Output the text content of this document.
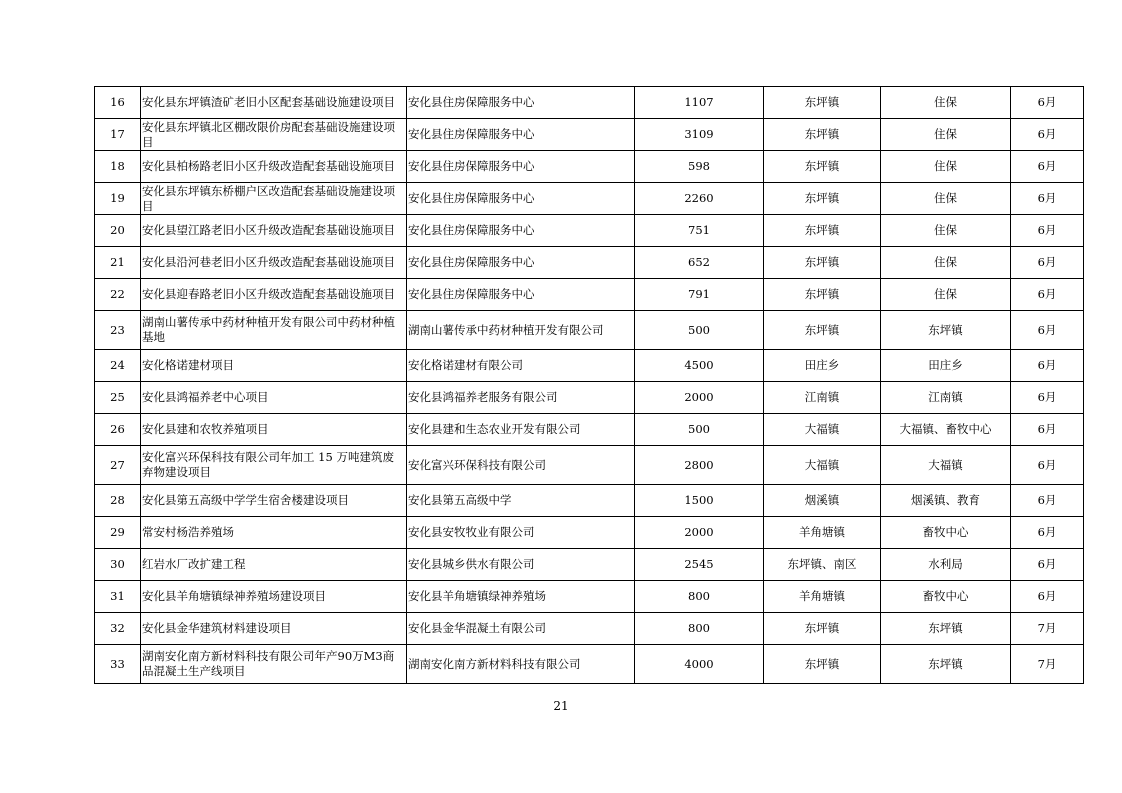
16	安化县东坪镇渣矿老旧小区配套基础设施建设项目	安化县住房保障服务中心	1107	东坪镇	住保	6月
17	安化县东坪镇北区棚改限价房配套基础设施建设项目	安化县住房保障服务中心	3109	东坪镇	住保	6月
18	安化县柏杨路老旧小区升级改造配套基础设施项目	安化县住房保障服务中心	598	东坪镇	住保	6月
19	安化县东坪镇东桥棚户区改造配套基础设施建设项目	安化县住房保障服务中心	2260	东坪镇	住保	6月
20	安化县望江路老旧小区升级改造配套基础设施项目	安化县住房保障服务中心	751	东坪镇	住保	6月
21	安化县沿河巷老旧小区升级改造配套基础设施项目	安化县住房保障服务中心	652	东坪镇	住保	6月
22	安化县迎春路老旧小区升级改造配套基础设施项目	安化县住房保障服务中心	791	东坪镇	住保	6月
23	湖南山薯传承中药材种植开发有限公司中药材种植基地	湖南山薯传承中药材种植开发有限公司	500	东坪镇	东坪镇	6月
24	安化格诺建材项目	安化格诺建材有限公司	4500	田庄乡	田庄乡	6月
25	安化县鸿福养老中心项目	安化县鸿福养老服务有限公司	2000	江南镇	江南镇	6月
26	安化县建和农牧养殖项目	安化县建和生态农业开发有限公司	500	大福镇	大福镇、畜牧中心	6月
27	安化富兴环保科技有限公司年加工 15 万吨建筑废弃物建设项目	安化富兴环保科技有限公司	2800	大福镇	大福镇	6月
28	安化县第五高级中学学生宿舍楼建设项目	安化县第五高级中学	1500	烟溪镇	烟溪镇、教育	6月
29	常安村杨浩养殖场	安化县安牧牧业有限公司	2000	羊角塘镇	畜牧中心	6月
30	红岩水厂改扩建工程	安化县城乡供水有限公司	2545	东坪镇、南区	水利局	6月
31	安化县羊角塘镇绿神养殖场建设项目	安化县羊角塘镇绿神养殖场	800	羊角塘镇	畜牧中心	6月
32	安化县金华建筑材料建设项目	安化县金华混凝土有限公司	800	东坪镇	东坪镇	7月
33	湖南安化南方新材料科技有限公司年产90万M3商品混凝土生产线项目	湖南安化南方新材料科技有限公司	4000	东坪镇	东坪镇	7月
21
